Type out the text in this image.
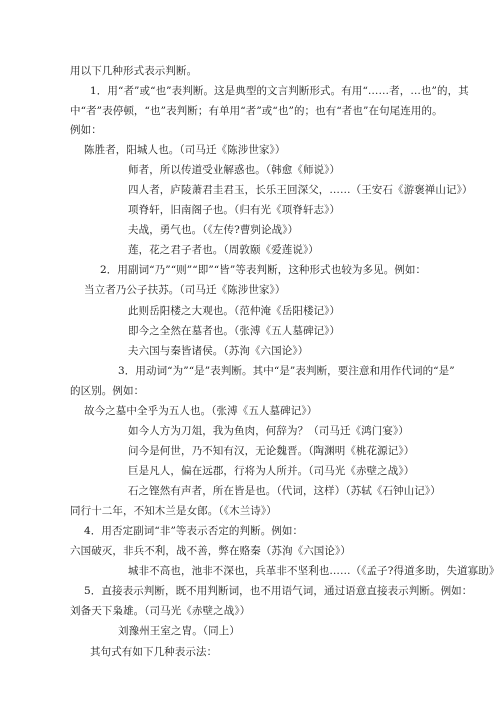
用以下几种形式表示判断。
1．用“者”或“也”表判断。这是典型的文言判断形式。有用“……者，…也”的，其
中“者”表停顿，“也”表判断；有单用“者”或“也”的；也有“者也”在句尾连用的。
例如：
陈胜者，阳城人也。（司马迁《陈涉世家》）
师者，所以传道受业解惑也。（韩愈《师说》）
四人者，庐陵萧君圭君玉，长乐王回深父，……（王安石《游褒禅山记》）
项脊轩，旧南阁子也。（归有光《项脊轩志》）
夫战，勇气也。（《左传?曹刿论战》）
莲，花之君子者也。（周敦颐《爱莲说》）
2．用副词“乃”“则”“即”“皆”等表判断，这种形式也较为多见。例如：
当立者乃公子扶苏。（司马迁《陈涉世家》）
此则岳阳楼之大观也。（范仲淹《岳阳楼记》）
即今之全然在墓者也。（张溥《五人墓碑记》）
夫六国与秦皆诸侯。（苏洵《六国论》）
3．用动词“为”“是”表判断。其中“是”表判断，要注意和用作代词的“是”
的区别。例如：
故今之墓中全乎为五人也。（张溥《五人墓碑记》）
如今人方为刀俎，我为鱼肉，何辞为？（司马迁《鸿门宴》）
问今是何世，乃不知有汉，无论魏晋。（陶渊明《桃花源记》）
巨是凡人，偏在远郡，行将为人所并。（司马光《赤壁之战》）
石之铿然有声者，所在皆是也。（代词，这样）（苏轼《石钟山记》）
同行十二年，不知木兰是女郎。（《木兰诗》）
4．用否定副词“非”等表示否定的判断。例如：
六国破灭，非兵不利，战不善，弊在赂秦（苏洵《六国论》）
城非不高也，池非不深也，兵革非不坚利也……（《孟子?得道多助，失道寡助》
5．直接表示判断，既不用判断词，也不用语气词，通过语意直接表示判断。例如：
刘备天下枭雄。（司马光《赤壁之战》）
刘豫州王室之胄。（同上）
其句式有如下几种表示法：
